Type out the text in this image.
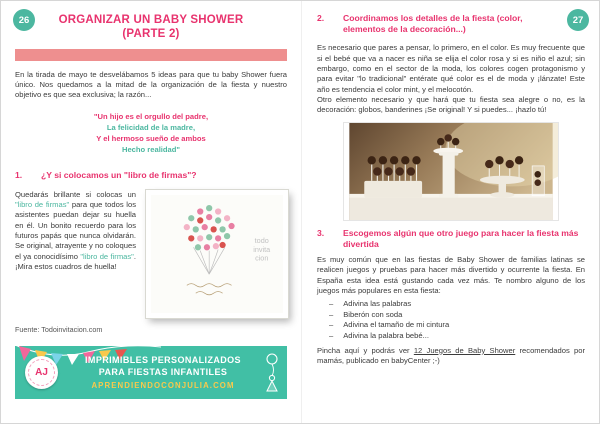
26	ORGANIZAR UN BABY SHOWER
(PARTE 2)
En la tirada de mayo te desvelábamos 5 ideas para que tu baby Shower fuera único. Nos quedamos a la mitad de la organización de la fiesta y nuestro objetivo es que sea exclusiva; la razón...
"Un hijo es el orgullo del padre,
La felicidad de la madre,
Y el hermoso sueño de ambos
Hecho realidad"
1.	¿Y si colocamos un "libro de firmas"?
Quedarás brillante si colocas un "libro de firmas" para que todos los asistentes puedan dejar su huella en él. Un bonito recuerdo para los futuros papás que nunca olvidarán. Se original, atrayente y no coloques el ya conocidísimo "libro de firmas". ¡Mira estos cuadros de huella!
todo
invita
cion
Fuente: Todoinvitacion.com
AJ
IMPRIMIBLES PERSONALIZADOS
PARA FIESTAS INFANTILES
APRENDIENDOCONJULIA.COM
27
2.	Coordinamos los detalles de la fiesta (color, elementos de la decoración...)
Es necesario que pares a pensar, lo primero, en el color. Es muy frecuente que si el bebé que va a nacer es niña se elija el color rosa y si es niño el azul; sin embargo, como en el sector de la moda, los colores cogen protagonismo y para evitar "lo tradicional" entérate qué color es el de moda y ¡lánzate! Este año es tendencia el color mint, y el melocotón.
Otro elemento necesario y que hará que tu fiesta sea alegre o no, es la decoración: globos, banderines ¡Se original! Y si puedes... ¡hazlo tú!
3.	Escogemos algún que otro juego para hacer la fiesta más divertida
Es muy común que en las fiestas de Baby Shower de familias latinas se realicen juegos y pruebas para hacer más divertido y ocurrente la fiesta. En España esta idea está gustando cada vez más. Te nombro alguno de los juegos más populares en esta fiesta:
– Adivina las palabras
– Biberón con soda
– Adivina el tamaño de mi cintura
– Adivina la palabra bebé...
Pincha aquí y podrás ver 12 Juegos de Baby Shower recomendados por mamás, publicado en babyCenter ;-)
